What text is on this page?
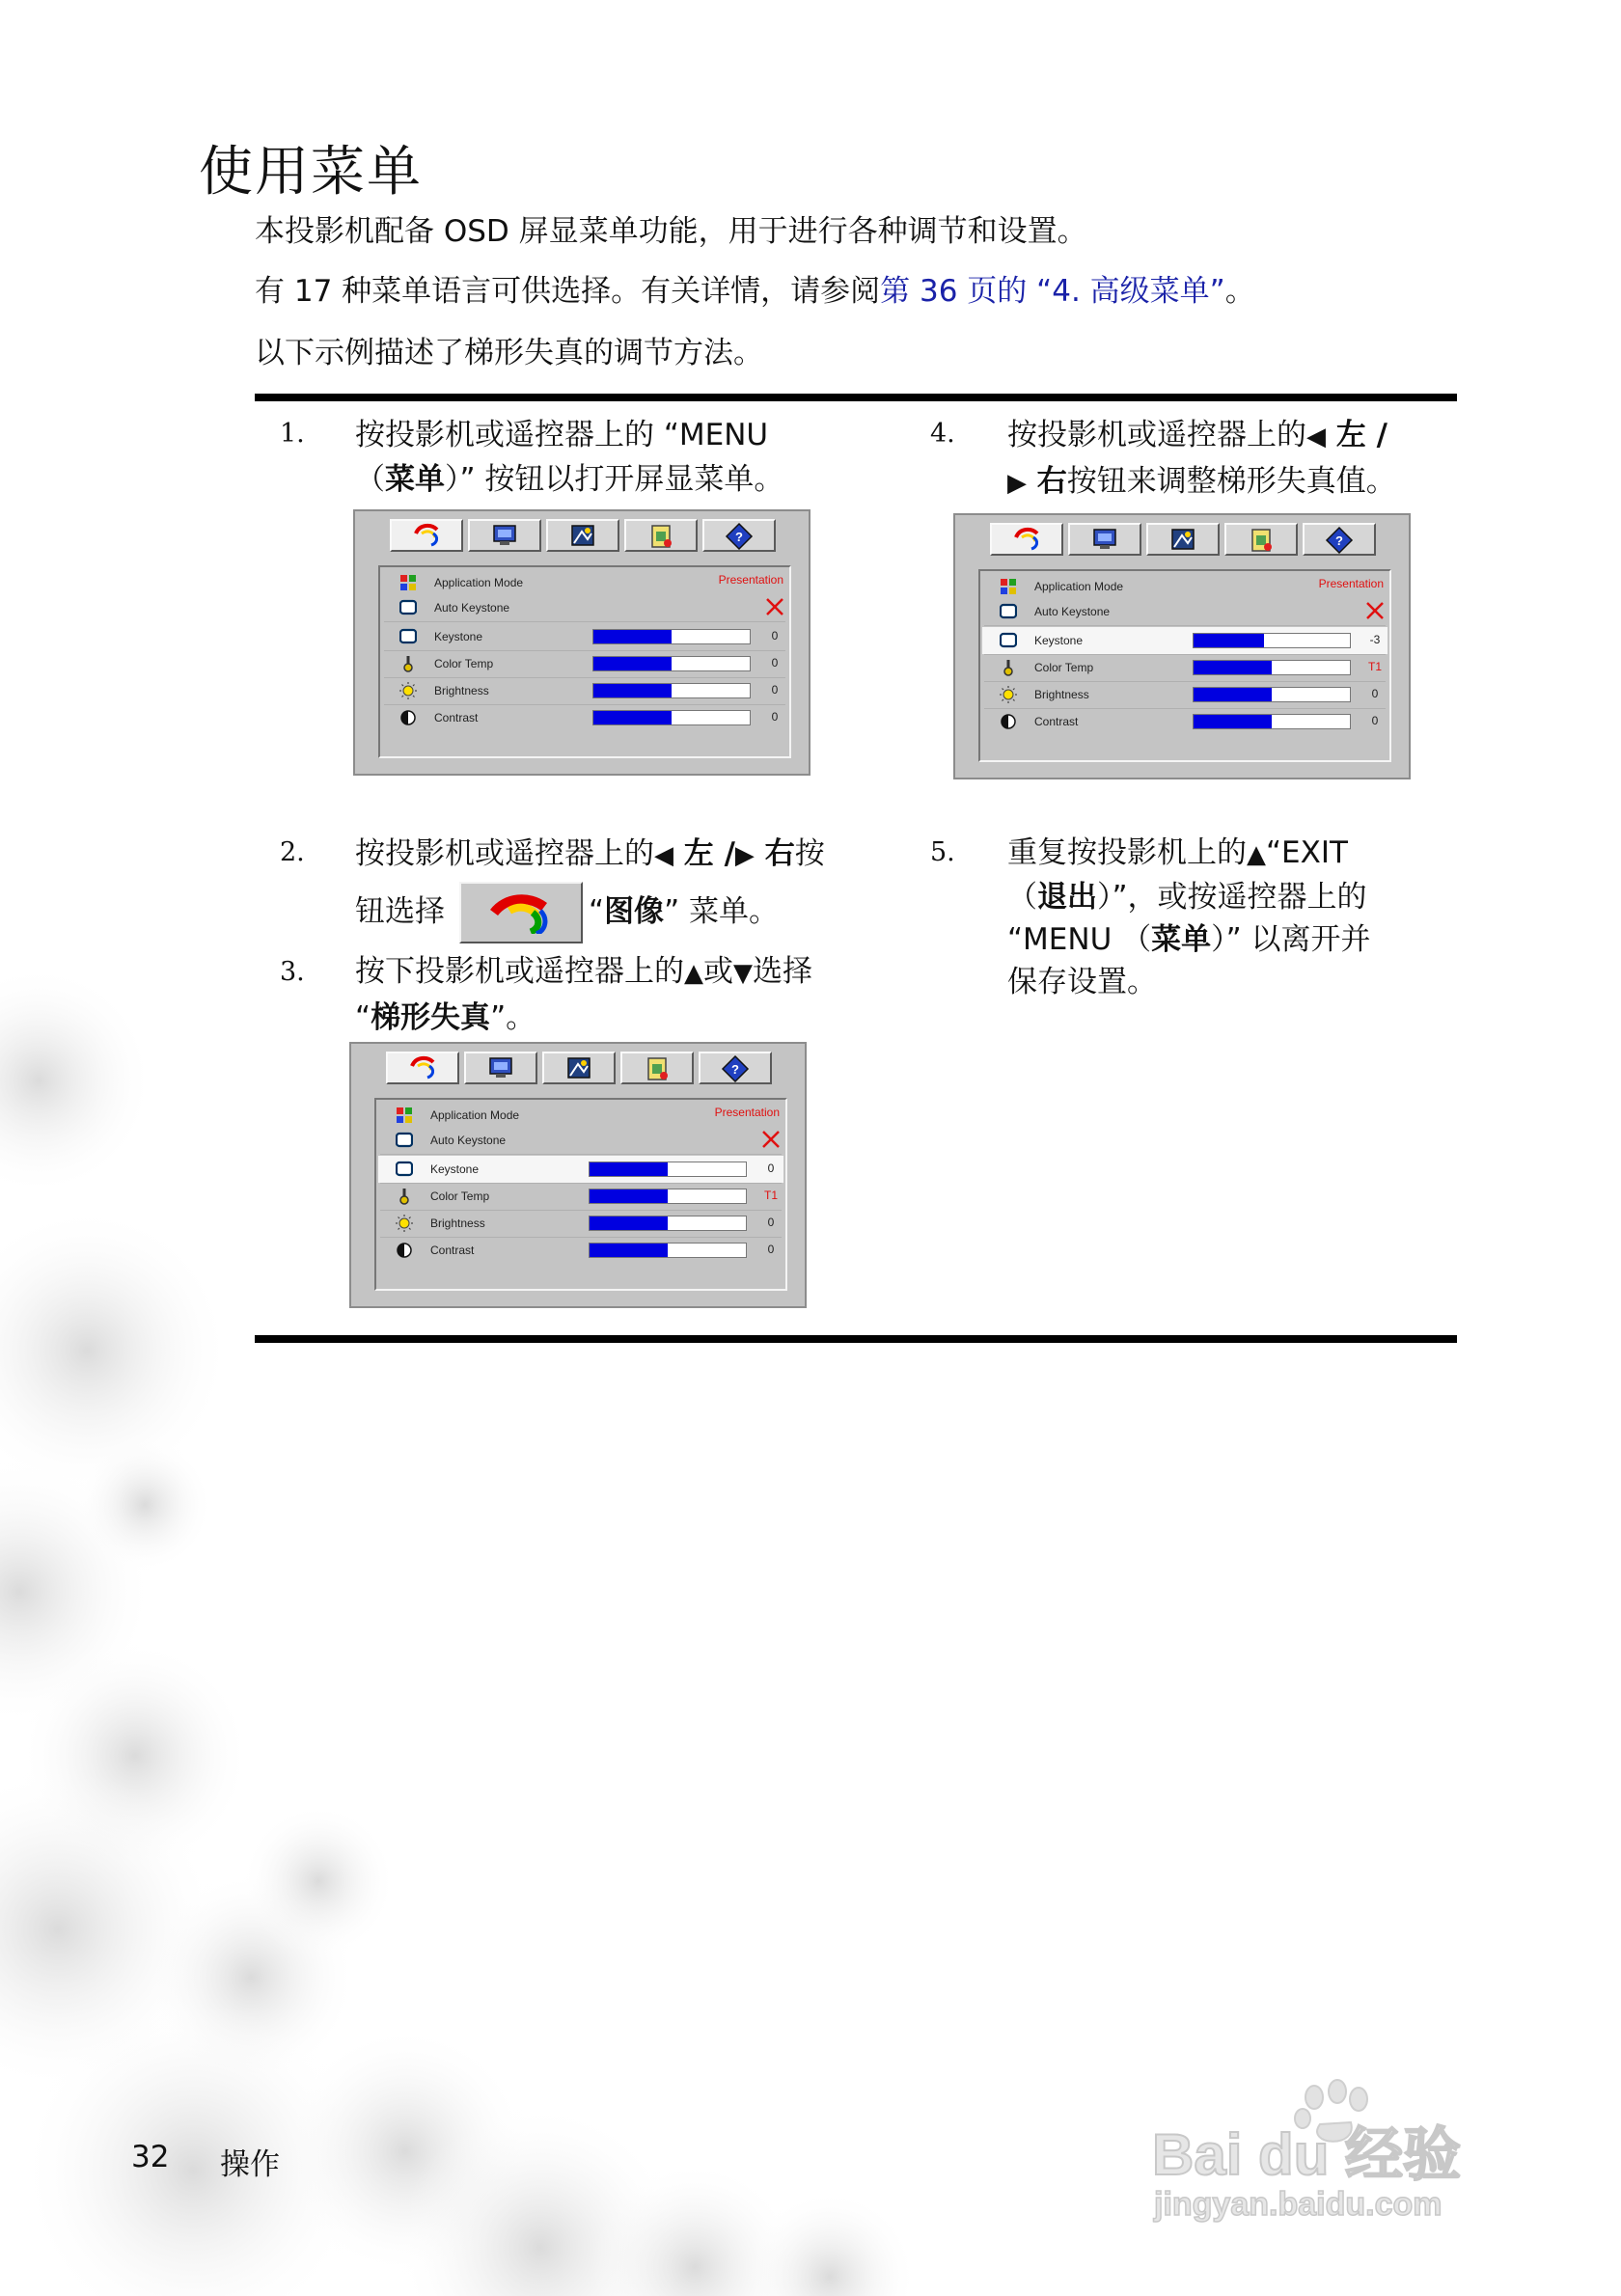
使用菜单
本投影机配备 OSD 屏显菜单功能，用于进行各种调节和设置。
有 17 种菜单语言可供选择。有关详情，请参阅第 36 页的 “4. 高级菜单”。
以下示例描述了梯形失真的调节方法。
1. 按投影机或遥控器上的 “MENU
（菜单）” 按钮以打开屏显菜单。
?
Application Mode	Presentation
Auto Keystone
Keystone	0
Color Temp	0
Brightness	0
Contrast	0
2. 按投影机或遥控器上的◀ 左 /▶ 右按
钮选择	“图像” 菜单。
3. 按下投影机或遥控器上的▲或▼选择
“梯形失真”。
?
Application Mode	Presentation
Auto Keystone
Keystone	0
Color Temp	T1
Brightness	0
Contrast	0
4. 按投影机或遥控器上的◀ 左 /
▶ 右按钮来调整梯形失真值。
?
Application Mode	Presentation
Auto Keystone
Keystone	-3
Color Temp	T1
Brightness	0
Contrast	0
5. 重复按投影机上的▲“EXIT
（退出）”，或按遥控器上的
“MENU （菜单）” 以离开并
保存设置。
32 操作	Bai du 经验
jingyan.baidu.com
